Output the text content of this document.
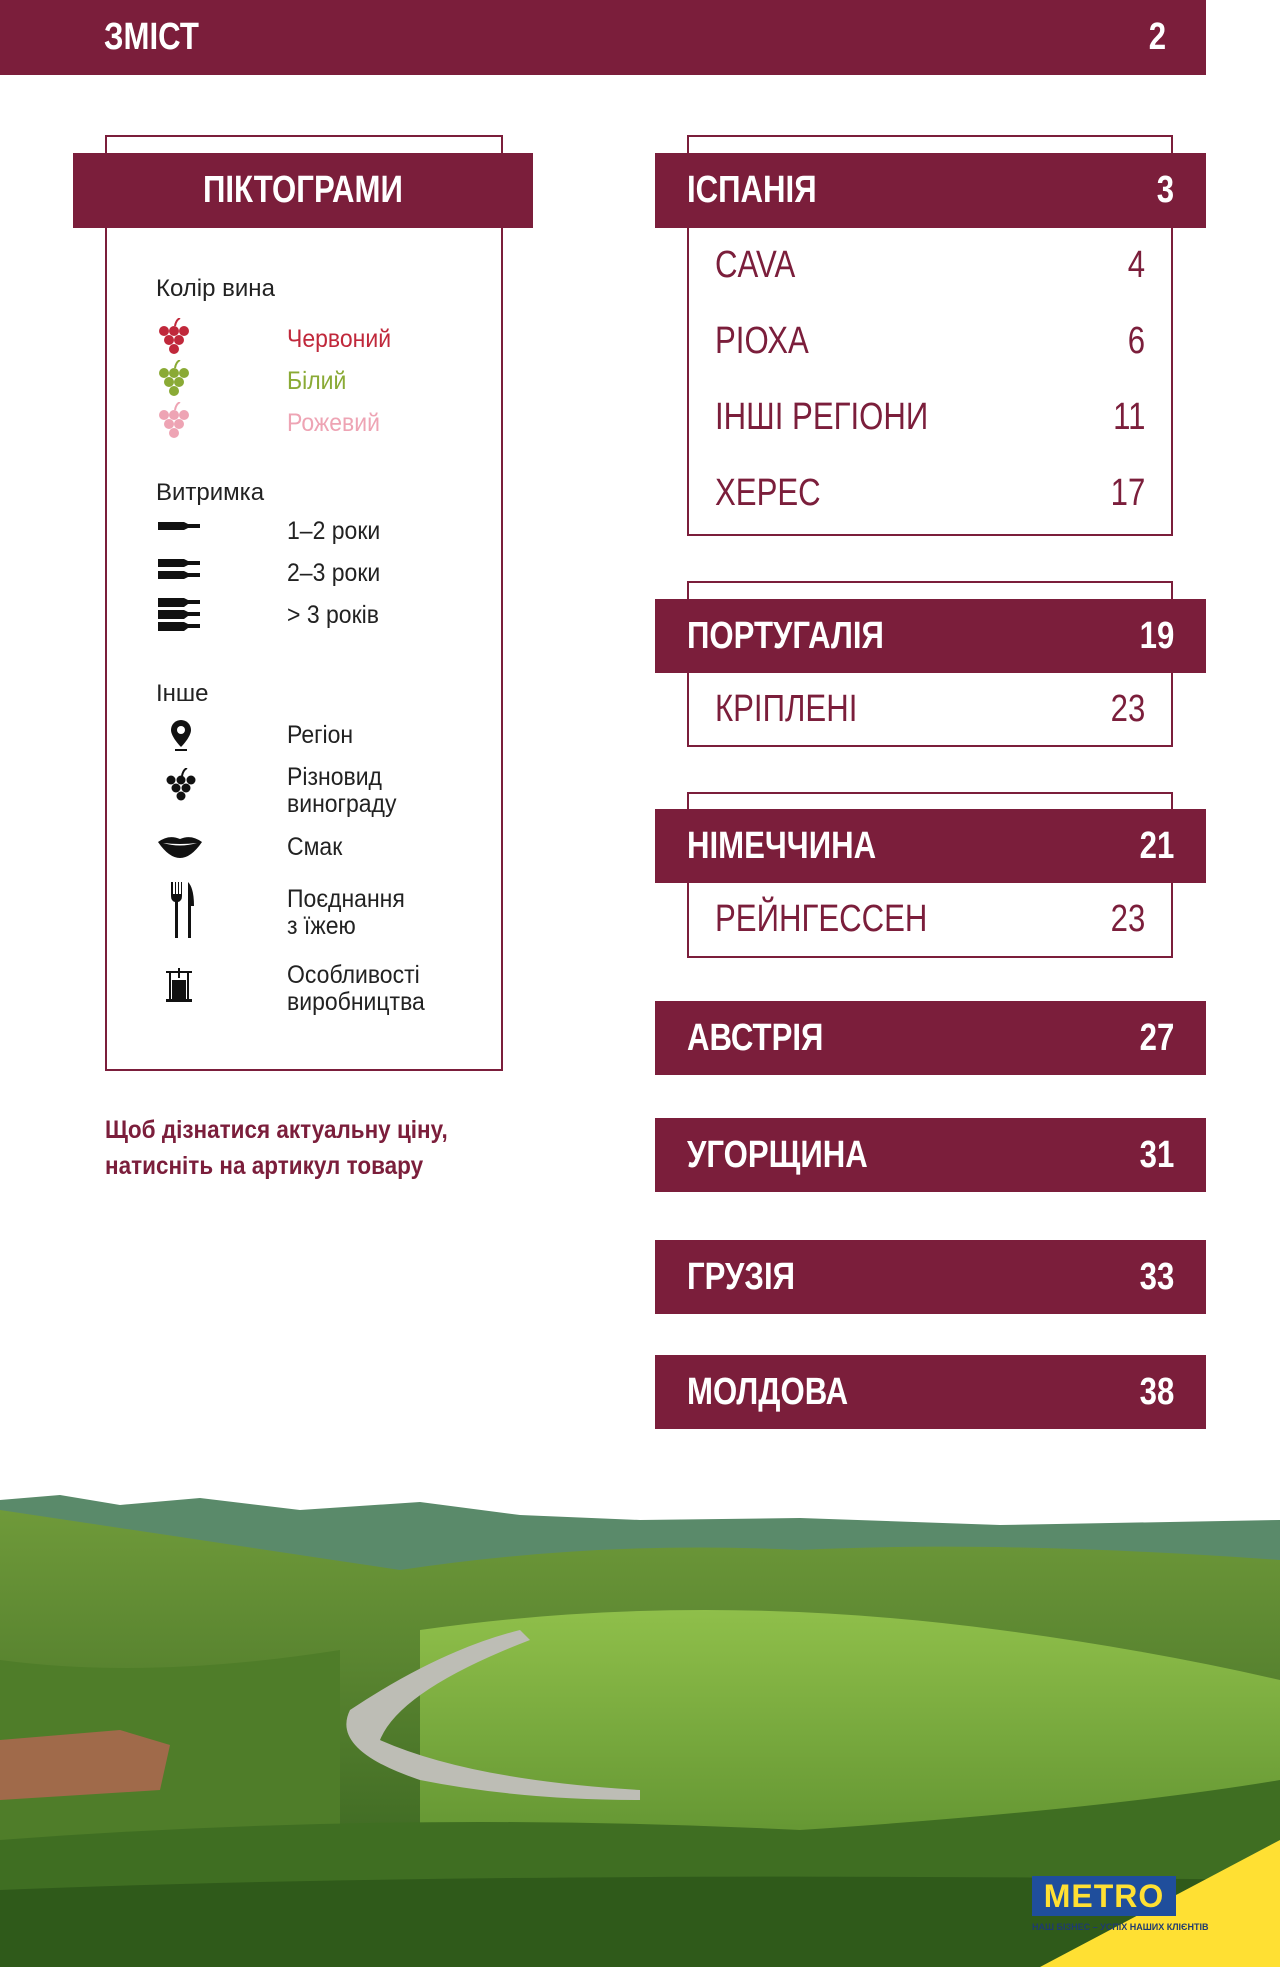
ЗМІСТ	2
ПІКТОГРАМИ
Колір вина
Червоний
Білий
Рожевий
Витримка
1–2 роки
2–3 роки
> 3 років
Інше
Регіон
Різновид
винограду
Смак
Поєднання
з їжею
Особливості
виробництва
Щоб дізнатися актуальну ціну,
натисніть на артикул товару
ІСПАНІЯ	3
CAVA	4
РІОХА	6
ІНШІ РЕГІОНИ	11
ХЕРЕС	17
ПОРТУГАЛІЯ	19
КРІПЛЕНІ	23
НІМЕЧЧИНА	21
РЕЙНГЕССЕН	23
АВСТРІЯ	27
УГОРЩИНА	31
ГРУЗІЯ	33
МОЛДОВА	38
METRO
НАШ БІЗНЕС – УСПІХ НАШИХ КЛІЄНТІВ
